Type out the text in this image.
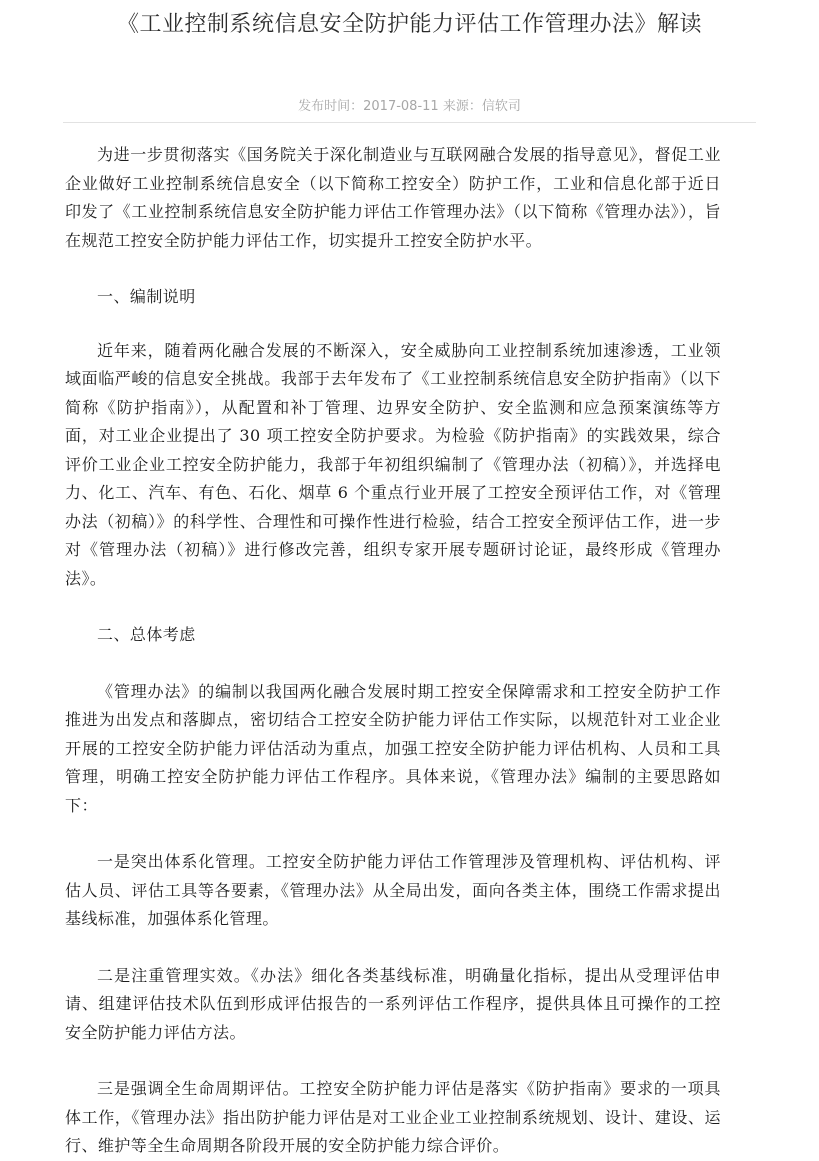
《工业控制系统信息安全防护能力评估工作管理办法》解读
发布时间：2017-08-11 来源：信软司

为进一步贯彻落实《国务院关于深化制造业与互联网融合发展的指导意见》，督促工业企业做好工业控制系统信息安全（以下简称工控安全）防护工作，工业和信息化部于近日印发了《工业控制系统信息安全防护能力评估工作管理办法》（以下简称《管理办法》），旨在规范工控安全防护能力评估工作，切实提升工控安全防护水平。

一、编制说明

近年来，随着两化融合发展的不断深入，安全威胁向工业控制系统加速渗透，工业领域面临严峻的信息安全挑战。我部于去年发布了《工业控制系统信息安全防护指南》（以下简称《防护指南》），从配置和补丁管理、边界安全防护、安全监测和应急预案演练等方面，对工业企业提出了 30 项工控安全防护要求。为检验《防护指南》的实践效果，综合评价工业企业工控安全防护能力，我部于年初组织编制了《管理办法（初稿）》，并选择电力、化工、汽车、有色、石化、烟草 6 个重点行业开展了工控安全预评估工作，对《管理办法（初稿）》的科学性、合理性和可操作性进行检验，结合工控安全预评估工作，进一步对《管理办法（初稿）》进行修改完善，组织专家开展专题研讨论证，最终形成《管理办法》。

二、总体考虑

《管理办法》的编制以我国两化融合发展时期工控安全保障需求和工控安全防护工作推进为出发点和落脚点，密切结合工控安全防护能力评估工作实际，以规范针对工业企业开展的工控安全防护能力评估活动为重点，加强工控安全防护能力评估机构、人员和工具管理，明确工控安全防护能力评估工作程序。具体来说，《管理办法》编制的主要思路如下：

一是突出体系化管理。工控安全防护能力评估工作管理涉及管理机构、评估机构、评估人员、评估工具等各要素，《管理办法》从全局出发，面向各类主体，围绕工作需求提出基线标准，加强体系化管理。

二是注重管理实效。《办法》细化各类基线标准，明确量化指标，提出从受理评估申请、组建评估技术队伍到形成评估报告的一系列评估工作程序，提供具体且可操作的工控安全防护能力评估方法。

三是强调全生命周期评估。工控安全防护能力评估是落实《防护指南》要求的一项具体工作，《管理办法》指出防护能力评估是对工业企业工业控制系统规划、设计、建设、运行、维护等全生命周期各阶段开展的安全防护能力综合评价。
